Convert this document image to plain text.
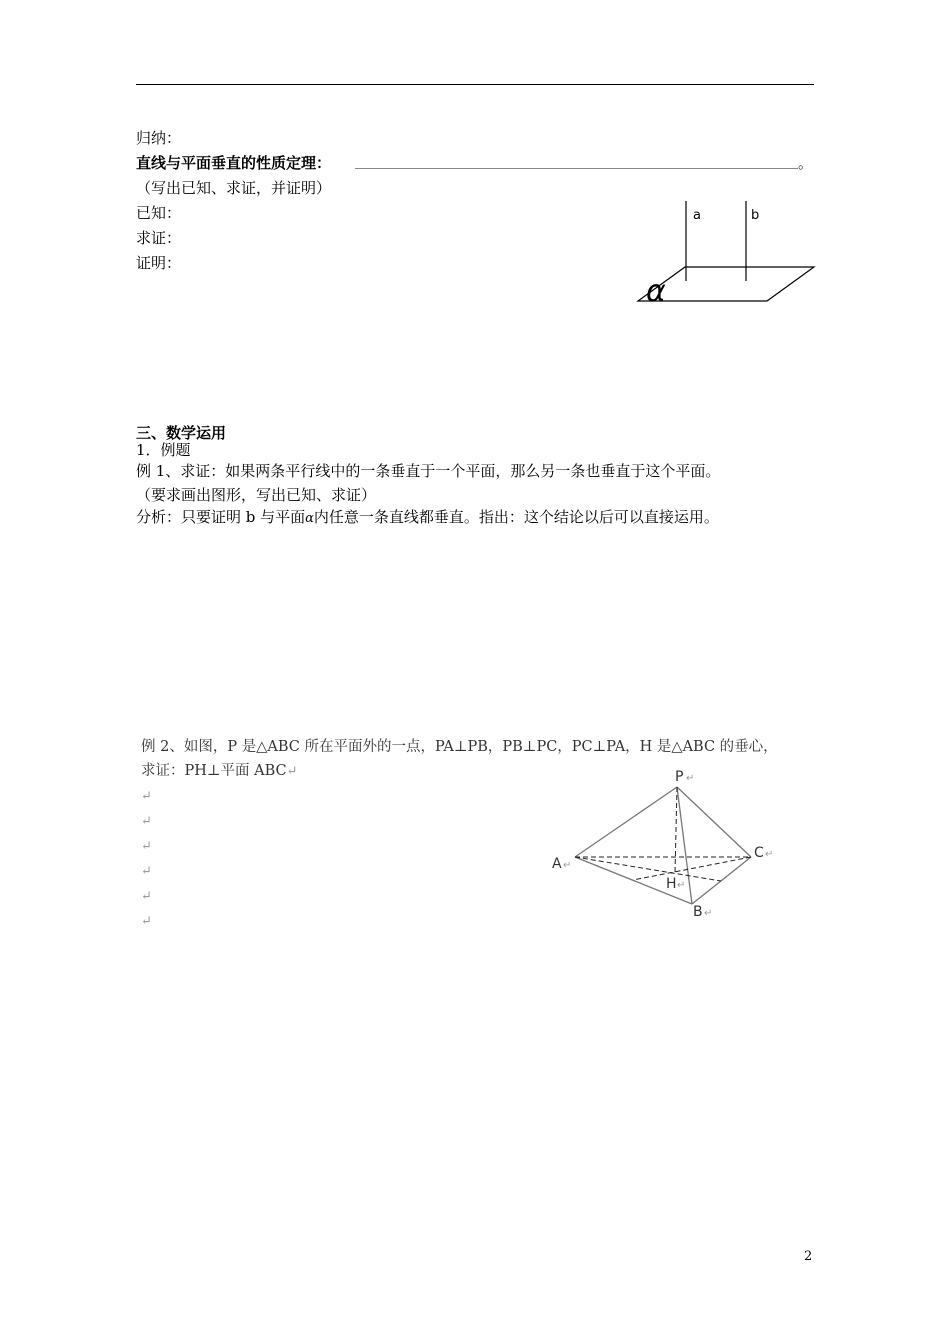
归纳：
直线与平面垂直的性质定理：	。
（写出已知、求证，并证明）
已知：
求证：
证明：
a	b
α
三、数学运用
1．例题
例 1、求证：如果两条平行线中的一条垂直于一个平面，那么另一条也垂直于这个平面。
（要求画出图形，写出已知、求证）
分析：只要证明 b 与平面α内任意一条直线都垂直。指出：这个结论以后可以直接运用。
例 2、如图，P 是△ABC 所在平面外的一点，PA⊥PB，PB⊥PC，PC⊥PA，H 是△ABC 的垂心，
求证：PH⊥平面 ABC↵
↵
↵
↵
↵
↵
↵
P ↵
A ↵
C ↵
H ↵
B ↵
2
